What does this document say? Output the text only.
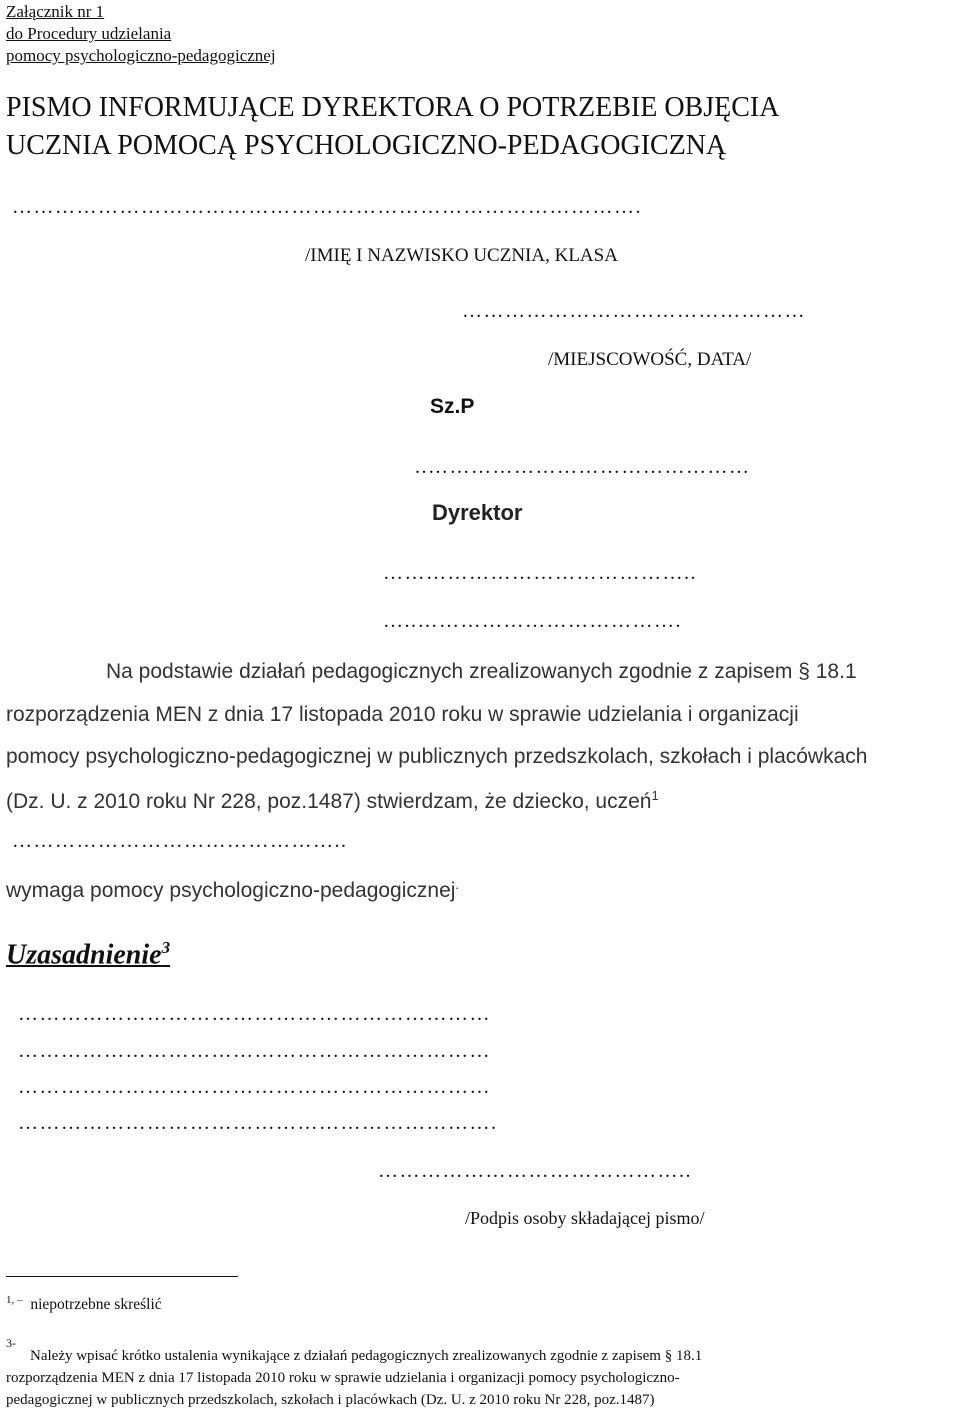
Załącznik nr 1
do Procedury udzielania
pomocy psychologiczno-pedagogicznej
PISMO INFORMUJĄCE DYREKTORA O POTRZEBIE OBJĘCIA
UCZNIA POMOCĄ PSYCHOLOGICZNO-PEDAGOGICZNĄ
…………………………………………………………………………….
/IMIĘ I NAZWISKO UCZNIA, KLASA
…………………………………………
/MIEJSCOWOŚĆ, DATA/
Sz.P
..………………………………………
Dyrektor
……………………………………..
…..……………………………….
Na podstawie działań pedagogicznych zrealizowanych zgodnie z zapisem § 18.1
rozporządzenia MEN z dnia 17 listopada 2010 roku w sprawie udzielania i organizacji
pomocy psychologiczno-pedagogicznej w publicznych przedszkolach, szkołach i placówkach
(Dz. U. z 2010 roku Nr 228, poz.1487) stwierdzam, że dziecko, uczeń$^1$
………………………………………..
wymaga pomocy psychologiczno-pedagogicznej.
Uzasadnienie$^3$
…………………………………………………………
…………………………………………………………
…………………………………………………………
………………………………………………………….
……………………………………..
/Podpis osoby składającej pismo/
$^{1, -}$ niepotrzebne skreślić
3-
Należy wpisać krótko ustalenia wynikające z działań pedagogicznych zrealizowanych zgodnie z zapisem § 18.1
rozporządzenia MEN z dnia 17 listopada 2010 roku w sprawie udzielania i organizacji pomocy psychologiczno-
pedagogicznej w publicznych przedszkolach, szkołach i placówkach (Dz. U. z 2010 roku Nr 228, poz.1487)
